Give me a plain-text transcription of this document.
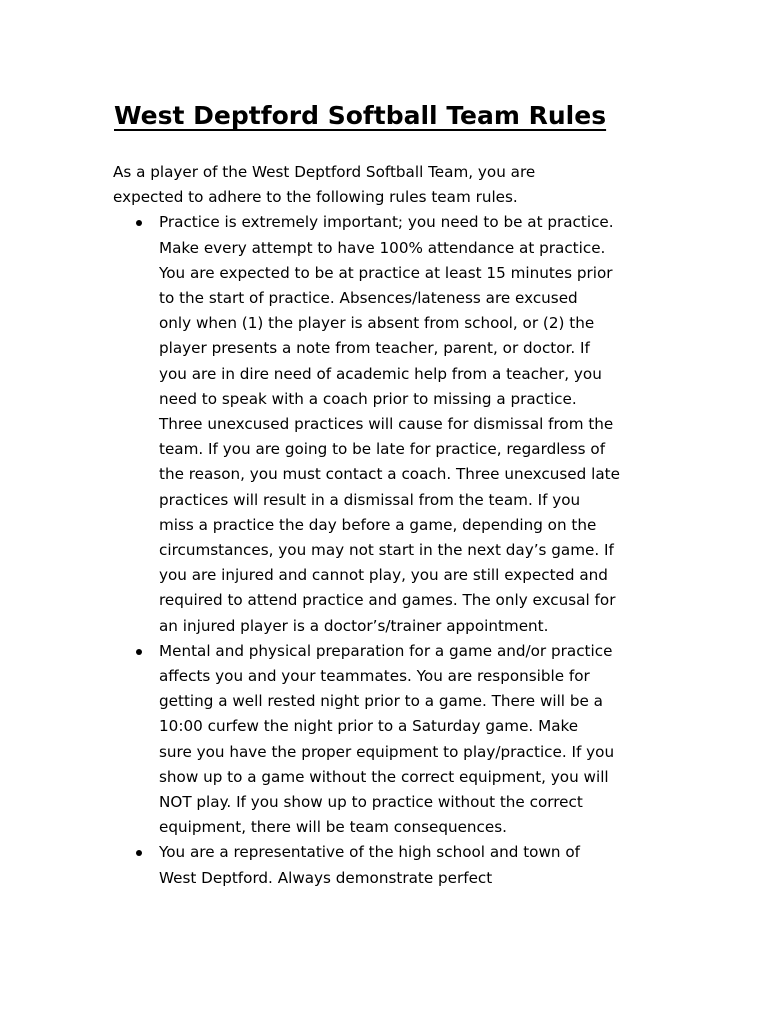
West Deptford Softball Team Rules

As a player of the West Deptford Softball Team, you are
expected to adhere to the following rules team rules.

Practice is extremely important; you need to be at practice.
Make every attempt to have 100% attendance at practice.
You are expected to be at practice at least 15 minutes prior
to the start of practice. Absences/lateness are excused
only when (1) the player is absent from school, or (2) the
player presents a note from teacher, parent, or doctor. If
you are in dire need of academic help from a teacher, you
need to speak with a coach prior to missing a practice.
Three unexcused practices will cause for dismissal from the
team. If you are going to be late for practice, regardless of
the reason, you must contact a coach. Three unexcused late
practices will result in a dismissal from the team. If you
miss a practice the day before a game, depending on the
circumstances, you may not start in the next day’s game. If
you are injured and cannot play, you are still expected and
required to attend practice and games. The only excusal for
an injured player is a doctor’s/trainer appointment.
Mental and physical preparation for a game and/or practice
affects you and your teammates. You are responsible for
getting a well rested night prior to a game. There will be a
10:00 curfew the night prior to a Saturday game. Make
sure you have the proper equipment to play/practice. If you
show up to a game without the correct equipment, you will
NOT play. If you show up to practice without the correct
equipment, there will be team consequences.
You are a representative of the high school and town of
West Deptford. Always demonstrate perfect
